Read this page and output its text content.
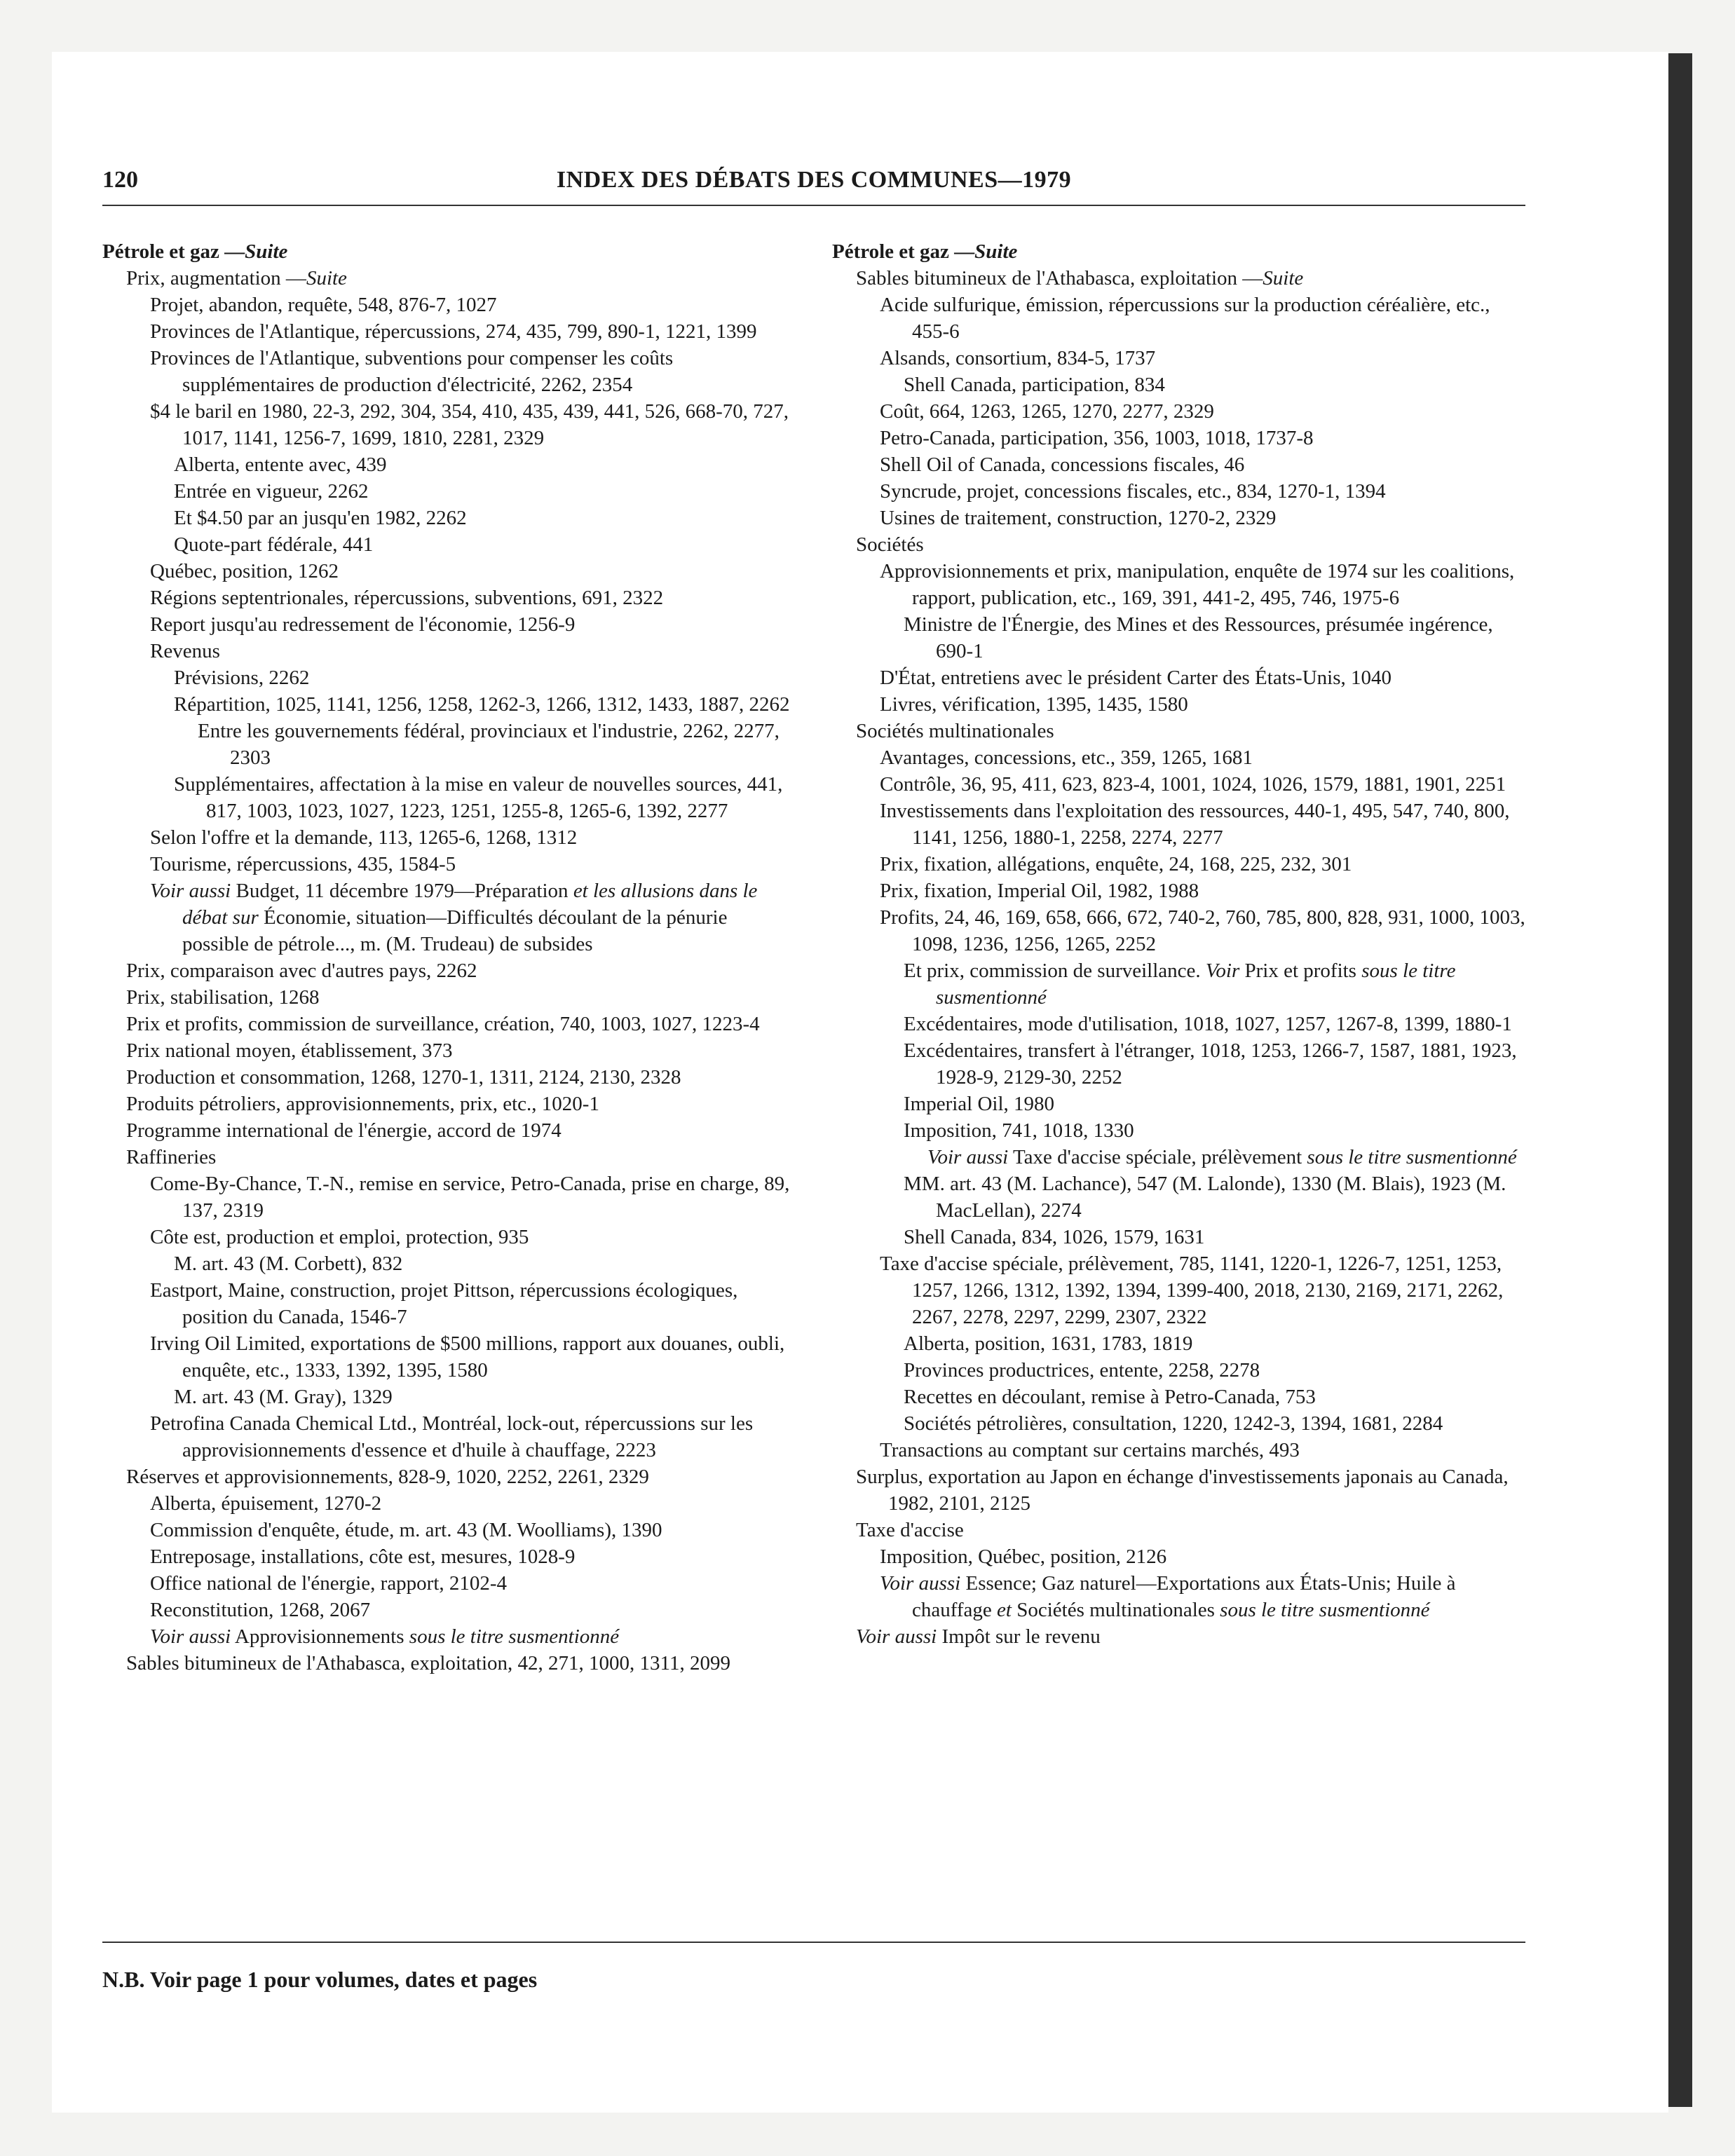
120	INDEX DES DÉBATS DES COMMUNES—1979
Pétrole et gaz —Suite
Prix, augmentation —Suite
Projet, abandon, requête, 548, 876-7, 1027
Provinces de l'Atlantique, répercussions, 274, 435, 799, 890-1, 1221, 1399
Provinces de l'Atlantique, subventions pour compenser les coûts supplémentaires de production d'électricité, 2262, 2354
$4 le baril en 1980, 22-3, 292, 304, 354, 410, 435, 439, 441, 526, 668-70, 727, 1017, 1141, 1256-7, 1699, 1810, 2281, 2329
Alberta, entente avec, 439
Entrée en vigueur, 2262
Et $4.50 par an jusqu'en 1982, 2262
Quote-part fédérale, 441
Québec, position, 1262
Régions septentrionales, répercussions, subventions, 691, 2322
Report jusqu'au redressement de l'économie, 1256-9
Revenus
Prévisions, 2262
Répartition, 1025, 1141, 1256, 1258, 1262-3, 1266, 1312, 1433, 1887, 2262
Entre les gouvernements fédéral, provinciaux et l'industrie, 2262, 2277, 2303
Supplémentaires, affectation à la mise en valeur de nouvelles sources, 441, 817, 1003, 1023, 1027, 1223, 1251, 1255-8, 1265-6, 1392, 2277
Selon l'offre et la demande, 113, 1265-6, 1268, 1312
Tourisme, répercussions, 435, 1584-5
Voir aussi Budget, 11 décembre 1979—Préparation et les allusions dans le débat sur Économie, situation—Difficultés découlant de la pénurie possible de pétrole..., m. (M. Trudeau) de subsides
Prix, comparaison avec d'autres pays, 2262
Prix, stabilisation, 1268
Prix et profits, commission de surveillance, création, 740, 1003, 1027, 1223-4
Prix national moyen, établissement, 373
Production et consommation, 1268, 1270-1, 1311, 2124, 2130, 2328
Produits pétroliers, approvisionnements, prix, etc., 1020-1
Programme international de l'énergie, accord de 1974
Raffineries
Come-By-Chance, T.-N., remise en service, Petro-Canada, prise en charge, 89, 137, 2319
Côte est, production et emploi, protection, 935
M. art. 43 (M. Corbett), 832
Eastport, Maine, construction, projet Pittson, répercussions écologiques, position du Canada, 1546-7
Irving Oil Limited, exportations de $500 millions, rapport aux douanes, oubli, enquête, etc., 1333, 1392, 1395, 1580
M. art. 43 (M. Gray), 1329
Petrofina Canada Chemical Ltd., Montréal, lock-out, répercussions sur les approvisionnements d'essence et d'huile à chauffage, 2223
Réserves et approvisionnements, 828-9, 1020, 2252, 2261, 2329
Alberta, épuisement, 1270-2
Commission d'enquête, étude, m. art. 43 (M. Woolliams), 1390
Entreposage, installations, côte est, mesures, 1028-9
Office national de l'énergie, rapport, 2102-4
Reconstitution, 1268, 2067
Voir aussi Approvisionnements sous le titre susmentionné
Sables bitumineux de l'Athabasca, exploitation, 42, 271, 1000, 1311, 2099
Pétrole et gaz —Suite
Sables bitumineux de l'Athabasca, exploitation —Suite
Acide sulfurique, émission, répercussions sur la production céréalière, etc., 455-6
Alsands, consortium, 834-5, 1737
Shell Canada, participation, 834
Coût, 664, 1263, 1265, 1270, 2277, 2329
Petro-Canada, participation, 356, 1003, 1018, 1737-8
Shell Oil of Canada, concessions fiscales, 46
Syncrude, projet, concessions fiscales, etc., 834, 1270-1, 1394
Usines de traitement, construction, 1270-2, 2329
Sociétés
Approvisionnements et prix, manipulation, enquête de 1974 sur les coalitions, rapport, publication, etc., 169, 391, 441-2, 495, 746, 1975-6
Ministre de l'Énergie, des Mines et des Ressources, présumée ingérence, 690-1
D'État, entretiens avec le président Carter des États-Unis, 1040
Livres, vérification, 1395, 1435, 1580
Sociétés multinationales
Avantages, concessions, etc., 359, 1265, 1681
Contrôle, 36, 95, 411, 623, 823-4, 1001, 1024, 1026, 1579, 1881, 1901, 2251
Investissements dans l'exploitation des ressources, 440-1, 495, 547, 740, 800, 1141, 1256, 1880-1, 2258, 2274, 2277
Prix, fixation, allégations, enquête, 24, 168, 225, 232, 301
Prix, fixation, Imperial Oil, 1982, 1988
Profits, 24, 46, 169, 658, 666, 672, 740-2, 760, 785, 800, 828, 931, 1000, 1003, 1098, 1236, 1256, 1265, 2252
Et prix, commission de surveillance. Voir Prix et profits sous le titre susmentionné
Excédentaires, mode d'utilisation, 1018, 1027, 1257, 1267-8, 1399, 1880-1
Excédentaires, transfert à l'étranger, 1018, 1253, 1266-7, 1587, 1881, 1923, 1928-9, 2129-30, 2252
Imperial Oil, 1980
Imposition, 741, 1018, 1330
Voir aussi Taxe d'accise spéciale, prélèvement sous le titre susmentionné
MM. art. 43 (M. Lachance), 547 (M. Lalonde), 1330 (M. Blais), 1923 (M. MacLellan), 2274
Shell Canada, 834, 1026, 1579, 1631
Taxe d'accise spéciale, prélèvement, 785, 1141, 1220-1, 1226-7, 1251, 1253, 1257, 1266, 1312, 1392, 1394, 1399-400, 2018, 2130, 2169, 2171, 2262, 2267, 2278, 2297, 2299, 2307, 2322
Alberta, position, 1631, 1783, 1819
Provinces productrices, entente, 2258, 2278
Recettes en découlant, remise à Petro-Canada, 753
Sociétés pétrolières, consultation, 1220, 1242-3, 1394, 1681, 2284
Transactions au comptant sur certains marchés, 493
Surplus, exportation au Japon en échange d'investissements japonais au Canada, 1982, 2101, 2125
Taxe d'accise
Imposition, Québec, position, 2126
Voir aussi Essence; Gaz naturel—Exportations aux États-Unis; Huile à chauffage et Sociétés multinationales sous le titre susmentionné
Voir aussi Impôt sur le revenu
N.B. Voir page 1 pour volumes, dates et pages
